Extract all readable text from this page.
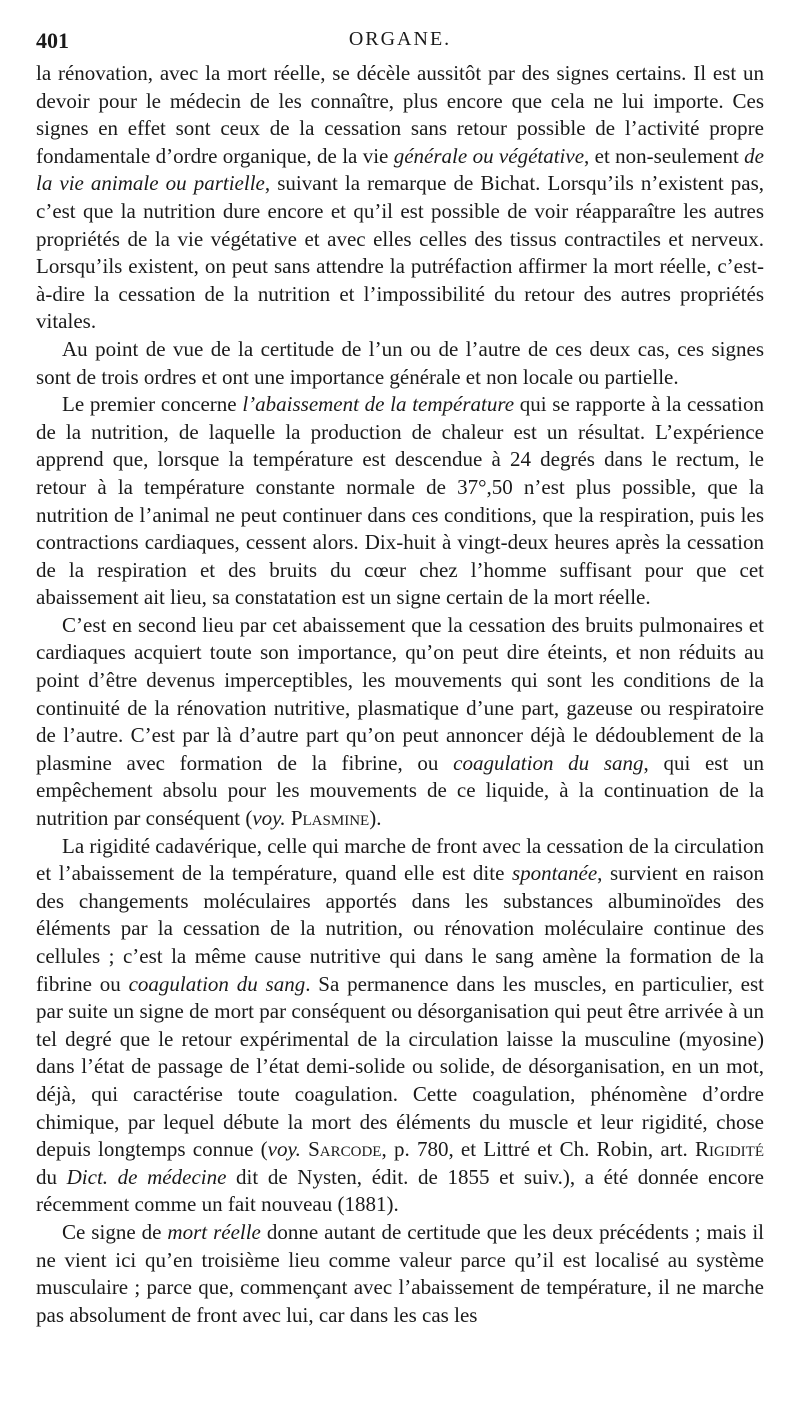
401	ORGANE.

la rénovation, avec la mort réelle, se décèle aussitôt par des signes certains. Il est un devoir pour le médecin de les connaître, plus encore que cela ne lui importe. Ces signes en effet sont ceux de la cessation sans retour possible de l’activité propre fondamentale d’ordre organique, de la vie générale ou végétative, et non-seulement de la vie animale ou partielle, suivant la remarque de Bichat. Lorsqu’ils n’existent pas, c’est que la nutrition dure encore et qu’il est possible de voir réapparaître les autres propriétés de la vie végétative et avec elles celles des tissus contractiles et nerveux. Lorsqu’ils existent, on peut sans attendre la putréfaction affirmer la mort réelle, c’est-à-dire la cessation de la nutrition et l’impossibilité du retour des autres propriétés vitales.

Au point de vue de la certitude de l’un ou de l’autre de ces deux cas, ces signes sont de trois ordres et ont une importance générale et non locale ou partielle.

Le premier concerne l’abaissement de la température qui se rapporte à la cessation de la nutrition, de laquelle la production de chaleur est un résultat. L’expérience apprend que, lorsque la température est descendue à 24 degrés dans le rectum, le retour à la température constante normale de 37°,50 n’est plus possible, que la nutrition de l’animal ne peut continuer dans ces conditions, que la respiration, puis les contractions cardiaques, cessent alors. Dix-huit à vingt-deux heures après la cessation de la respiration et des bruits du cœur chez l’homme suffisant pour que cet abaissement ait lieu, sa constatation est un signe certain de la mort réelle.

C’est en second lieu par cet abaissement que la cessation des bruits pulmonaires et cardiaques acquiert toute son importance, qu’on peut dire éteints, et non réduits au point d’être devenus imperceptibles, les mouvements qui sont les conditions de la continuité de la rénovation nutritive, plasmatique d’une part, gazeuse ou respiratoire de l’autre. C’est par là d’autre part qu’on peut annoncer déjà le dédoublement de la plasmine avec formation de la fibrine, ou coagulation du sang, qui est un empêchement absolu pour les mouvements de ce liquide, à la continuation de la nutrition par conséquent (voy. Plasmine).

La rigidité cadavérique, celle qui marche de front avec la cessation de la circulation et l’abaissement de la température, quand elle est dite spontanée, survient en raison des changements moléculaires apportés dans les substances albuminoïdes des éléments par la cessation de la nutrition, ou rénovation moléculaire continue des cellules ; c’est la même cause nutritive qui dans le sang amène la formation de la fibrine ou coagulation du sang. Sa permanence dans les muscles, en particulier, est par suite un signe de mort par conséquent ou désorganisation qui peut être arrivée à un tel degré que le retour expérimental de la circulation laisse la musculine (myosine) dans l’état de passage de l’état demi-solide ou solide, de désorganisation, en un mot, déjà, qui caractérise toute coagulation. Cette coagulation, phénomène d’ordre chimique, par lequel débute la mort des éléments du muscle et leur rigidité, chose depuis longtemps connue (voy. Sarcode, p. 780, et Littré et Ch. Robin, art. Rigidité du Dict. de médecine dit de Nysten, édit. de 1855 et suiv.), a été donnée encore récemment comme un fait nouveau (1881).

Ce signe de mort réelle donne autant de certitude que les deux précédents ; mais il ne vient ici qu’en troisième lieu comme valeur parce qu’il est localisé au système musculaire ; parce que, commençant avec l’abaissement de température, il ne marche pas absolument de front avec lui, car dans les cas les
